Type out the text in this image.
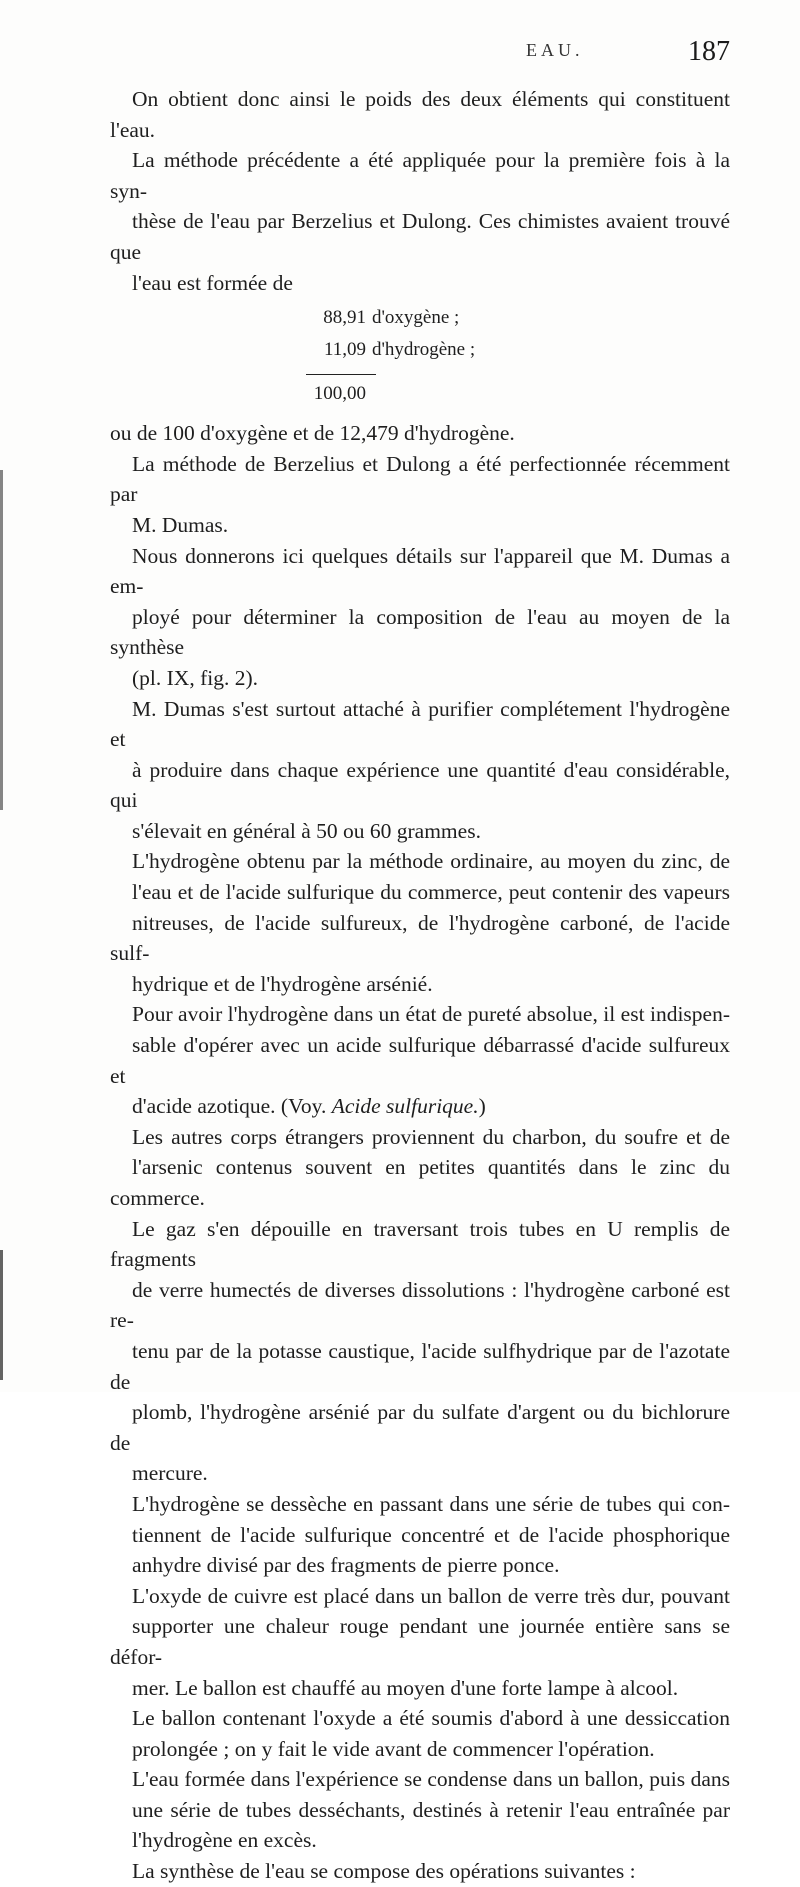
EAU.	187

On obtient donc ainsi le poids des deux éléments qui constituent l'eau.
La méthode précédente a été appliquée pour la première fois à la syn-
thèse de l'eau par Berzelius et Dulong. Ces chimistes avaient trouvé que
l'eau est formée de

88,91 d'oxygène ;
11,09 d'hydrogène ;
100,00

ou de 100 d'oxygène et de 12,479 d'hydrogène.

La méthode de Berzelius et Dulong a été perfectionnée récemment par
M. Dumas.

Nous donnerons ici quelques détails sur l'appareil que M. Dumas a em-
ployé pour déterminer la composition de l'eau au moyen de la synthèse
(pl. IX, fig. 2).

M. Dumas s'est surtout attaché à purifier complétement l'hydrogène et
à produire dans chaque expérience une quantité d'eau considérable, qui
s'élevait en général à 50 ou 60 grammes.

L'hydrogène obtenu par la méthode ordinaire, au moyen du zinc, de
l'eau et de l'acide sulfurique du commerce, peut contenir des vapeurs
nitreuses, de l'acide sulfureux, de l'hydrogène carboné, de l'acide sulf-
hydrique et de l'hydrogène arsénié.

Pour avoir l'hydrogène dans un état de pureté absolue, il est indispen-
sable d'opérer avec un acide sulfurique débarrassé d'acide sulfureux et
d'acide azotique. (Voy. Acide sulfurique.)

Les autres corps étrangers proviennent du charbon, du soufre et de
l'arsenic contenus souvent en petites quantités dans le zinc du commerce.
Le gaz s'en dépouille en traversant trois tubes en U remplis de fragments
de verre humectés de diverses dissolutions : l'hydrogène carboné est re-
tenu par de la potasse caustique, l'acide sulfhydrique par de l'azotate de
plomb, l'hydrogène arsénié par du sulfate d'argent ou du bichlorure de
mercure.

L'hydrogène se dessèche en passant dans une série de tubes qui con-
tiennent de l'acide sulfurique concentré et de l'acide phosphorique
anhydre divisé par des fragments de pierre ponce.

L'oxyde de cuivre est placé dans un ballon de verre très dur, pouvant
supporter une chaleur rouge pendant une journée entière sans se défor-
mer. Le ballon est chauffé au moyen d'une forte lampe à alcool.

Le ballon contenant l'oxyde a été soumis d'abord à une dessiccation
prolongée ; on y fait le vide avant de commencer l'opération.

L'eau formée dans l'expérience se condense dans un ballon, puis dans
une série de tubes desséchants, destinés à retenir l'eau entraînée par
l'hydrogène en excès.

La synthèse de l'eau se compose des opérations suivantes :
